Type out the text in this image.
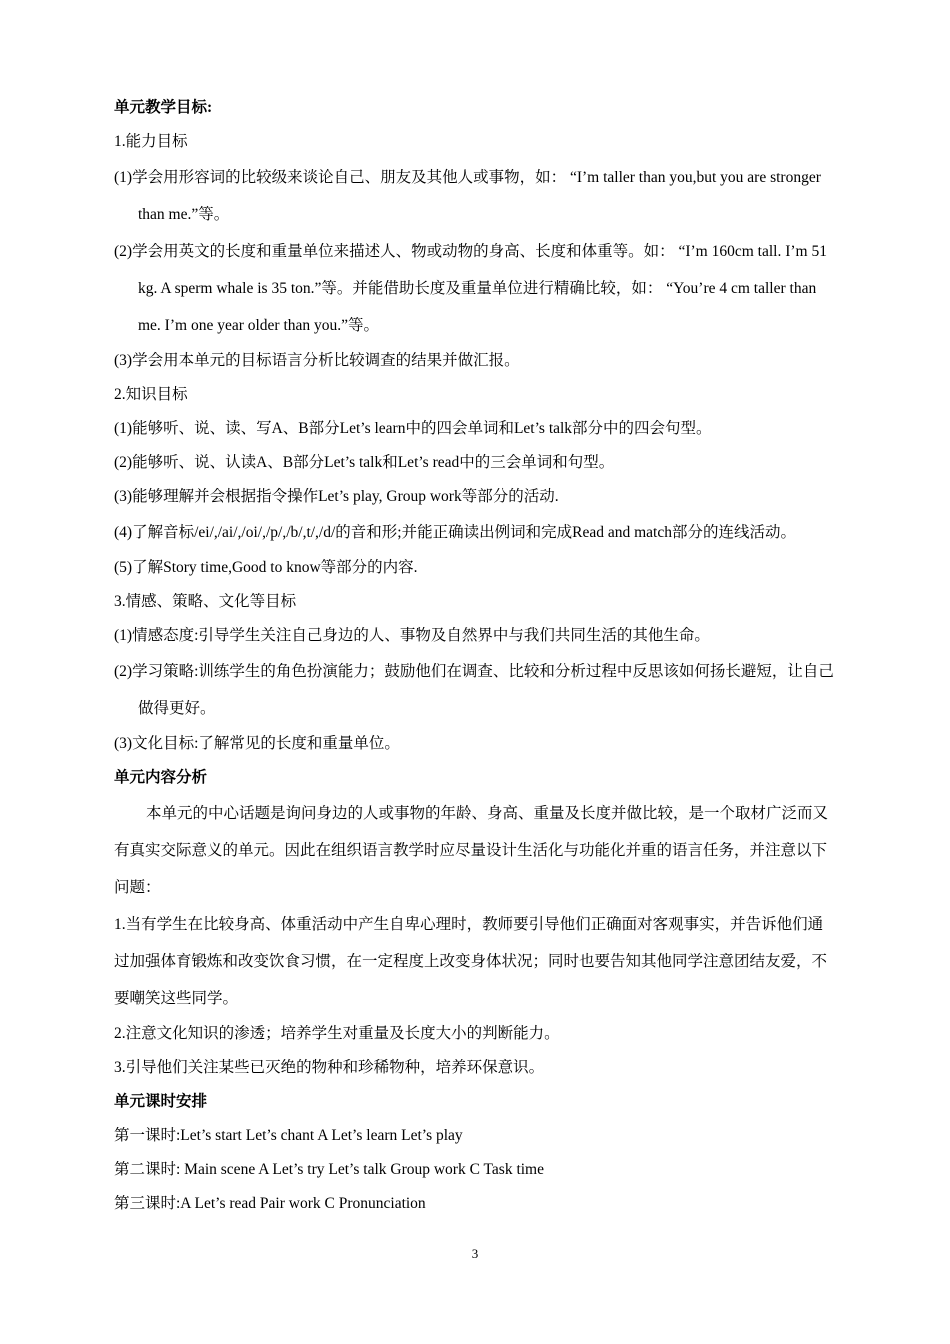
单元教学目标:
1.能力目标
(1)学会用形容词的比较级来谈论自己、朋友及其他人或事物，如： “I’m taller than you,but you are stronger than me.”等。
(2)学会用英文的长度和重量单位来描述人、物或动物的身高、长度和体重等。如： “I’m 160cm tall. I’m 51 kg. A sperm whale is 35 ton.”等。并能借助长度及重量单位进行精确比较，如： “You’re 4 cm taller than me. I’m one year older than you.”等。
(3)学会用本单元的目标语言分析比较调查的结果并做汇报。
2.知识目标
(1)能够听、说、读、写A、B部分Let’s learn中的四会单词和Let’s talk部分中的四会句型。
(2)能够听、说、认读A、B部分Let’s talk和Let’s read中的三会单词和句型。
(3)能够理解并会根据指令操作Let’s play, Group work等部分的活动.
(4)了解音标/ei/,/ai/,/oi/,/p/,/b/,t/,/d/的音和形;并能正确读出例词和完成Read and match部分的连线活动。
(5)了解Story time,Good to know等部分的内容.
3.情感、策略、文化等目标
(1)情感态度:引导学生关注自己身边的人、事物及自然界中与我们共同生活的其他生命。
(2)学习策略:训练学生的角色扮演能力；鼓励他们在调查、比较和分析过程中反思该如何扬长避短，让自己做得更好。
(3)文化目标:了解常见的长度和重量单位。
单元内容分析
本单元的中心话题是询问身边的人或事物的年龄、身高、重量及长度并做比较，是一个取材广泛而又有真实交际意义的单元。因此在组织语言教学时应尽量设计生活化与功能化并重的语言任务，并注意以下问题：
1.当有学生在比较身高、体重活动中产生自卑心理时，教师要引导他们正确面对客观事实，并告诉他们通过加强体育锻炼和改变饮食习惯，在一定程度上改变身体状况；同时也要告知其他同学注意团结友爱，不要嘲笑这些同学。
2.注意文化知识的渗透；培养学生对重量及长度大小的判断能力。
3.引导他们关注某些已灭绝的物种和珍稀物种，培养环保意识。
单元课时安排
第一课时:Let’s start Let’s chant A Let’s learn Let’s play
第二课时: Main scene A Let’s try Let’s talk Group work C Task time
第三课时:A Let’s read Pair work C Pronunciation
3
